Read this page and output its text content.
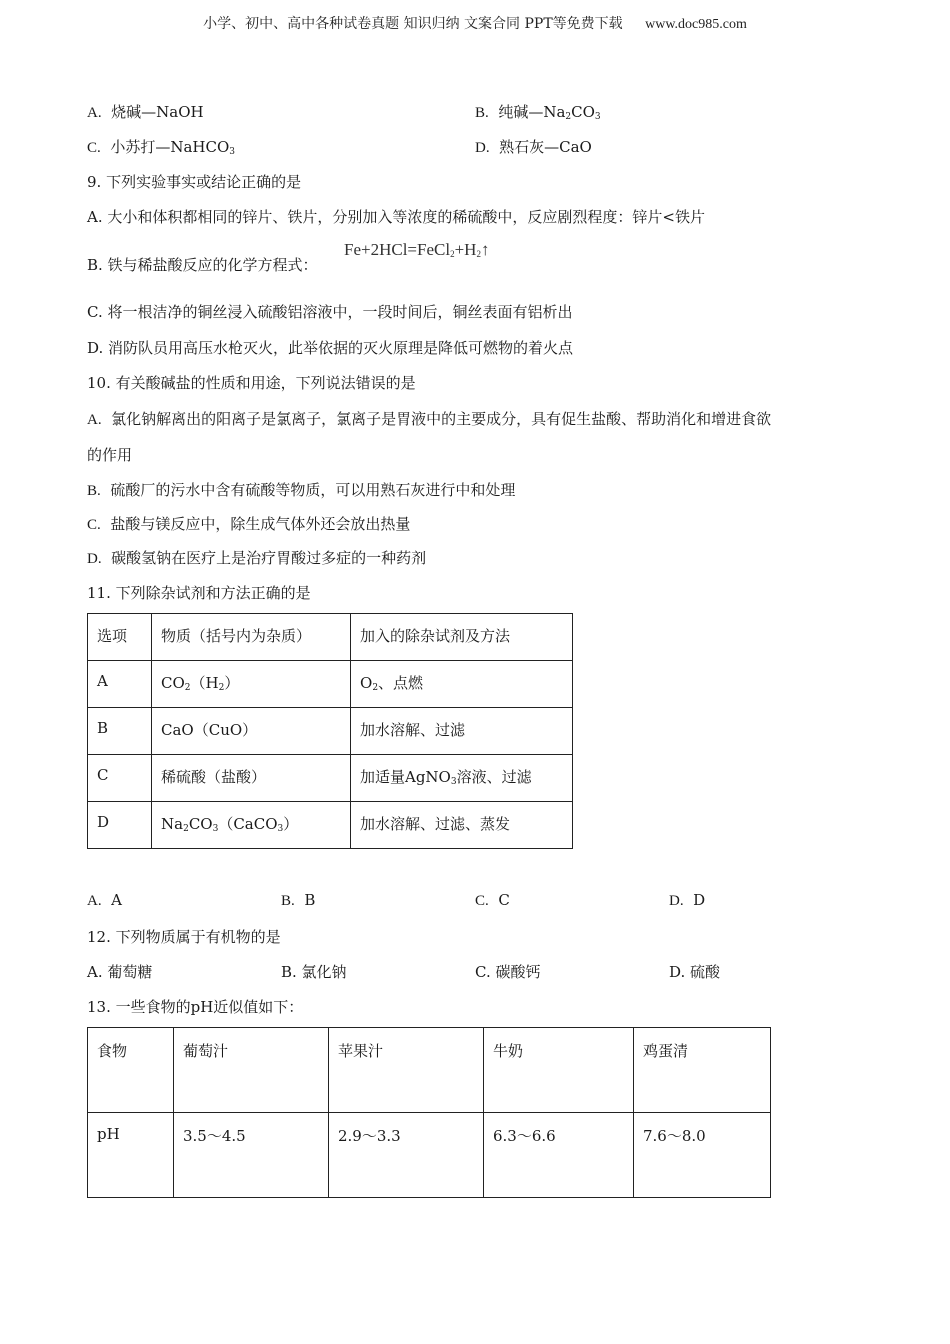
小学、初中、高中各种试卷真题 知识归纳 文案合同 PPT等免费下载 www.doc985.com
A. 烧碱—NaOH	B. 纯碱$—Na_2CO_3$
C. 小苏打—NaHCO$_3$	D. 熟石灰—CaO
9. 下列实验事实或结论正确的是
A. 大小和体积都相同的锌片、铁片，分别加入等浓度的稀硫酸中，反应剧烈程度：锌片<铁片
B. 铁与稀盐酸反应的化学方程式：
$Fe+2HCl=FeCl_2+H_2↑$
C. 将一根洁净的铜丝浸入硫酸铝溶液中，一段时间后，铜丝表面有铝析出
D. 消防队员用高压水枪灭火，此举依据的灭火原理是降低可燃物的着火点
10. 有关酸碱盐的性质和用途，下列说法错误的是
A. 氯化钠解离出的阳离子是氯离子，氯离子是胃液中的主要成分，具有促生盐酸、帮助消化和增进食欲
的作用
B. 硫酸厂的污水中含有硫酸等物质，可以用熟石灰进行中和处理
C. 盐酸与镁反应中，除生成气体外还会放出热量
D. 碳酸氢钠在医疗上是治疗胃酸过多症的一种药剂
11. 下列除杂试剂和方法正确的是
选项	物质（括号内为杂质）	加入的除杂试剂及方法
A	$CO_2(H_2)$	$O_2$、点燃
B	CaO（CuO）	加水溶解、过滤
C	稀硫酸（盐酸）	加适量AgNO$_3$溶液、过滤
D	$Na_2CO_3(CaCO_3)$	加水溶解、过滤、蒸发
A. A	B. B	C. C	D. D
12. 下列物质属于有机物的是
A. 葡萄糖	B. 氯化钠	C. 碳酸钙	D. 硫酸
13. 一些食物的pH近似值如下：
食物	葡萄汁	苹果汁	牛奶	鸡蛋清
pH	3.5～4.5	2.9～3.3	6.3～6.6	7.6～8.0
